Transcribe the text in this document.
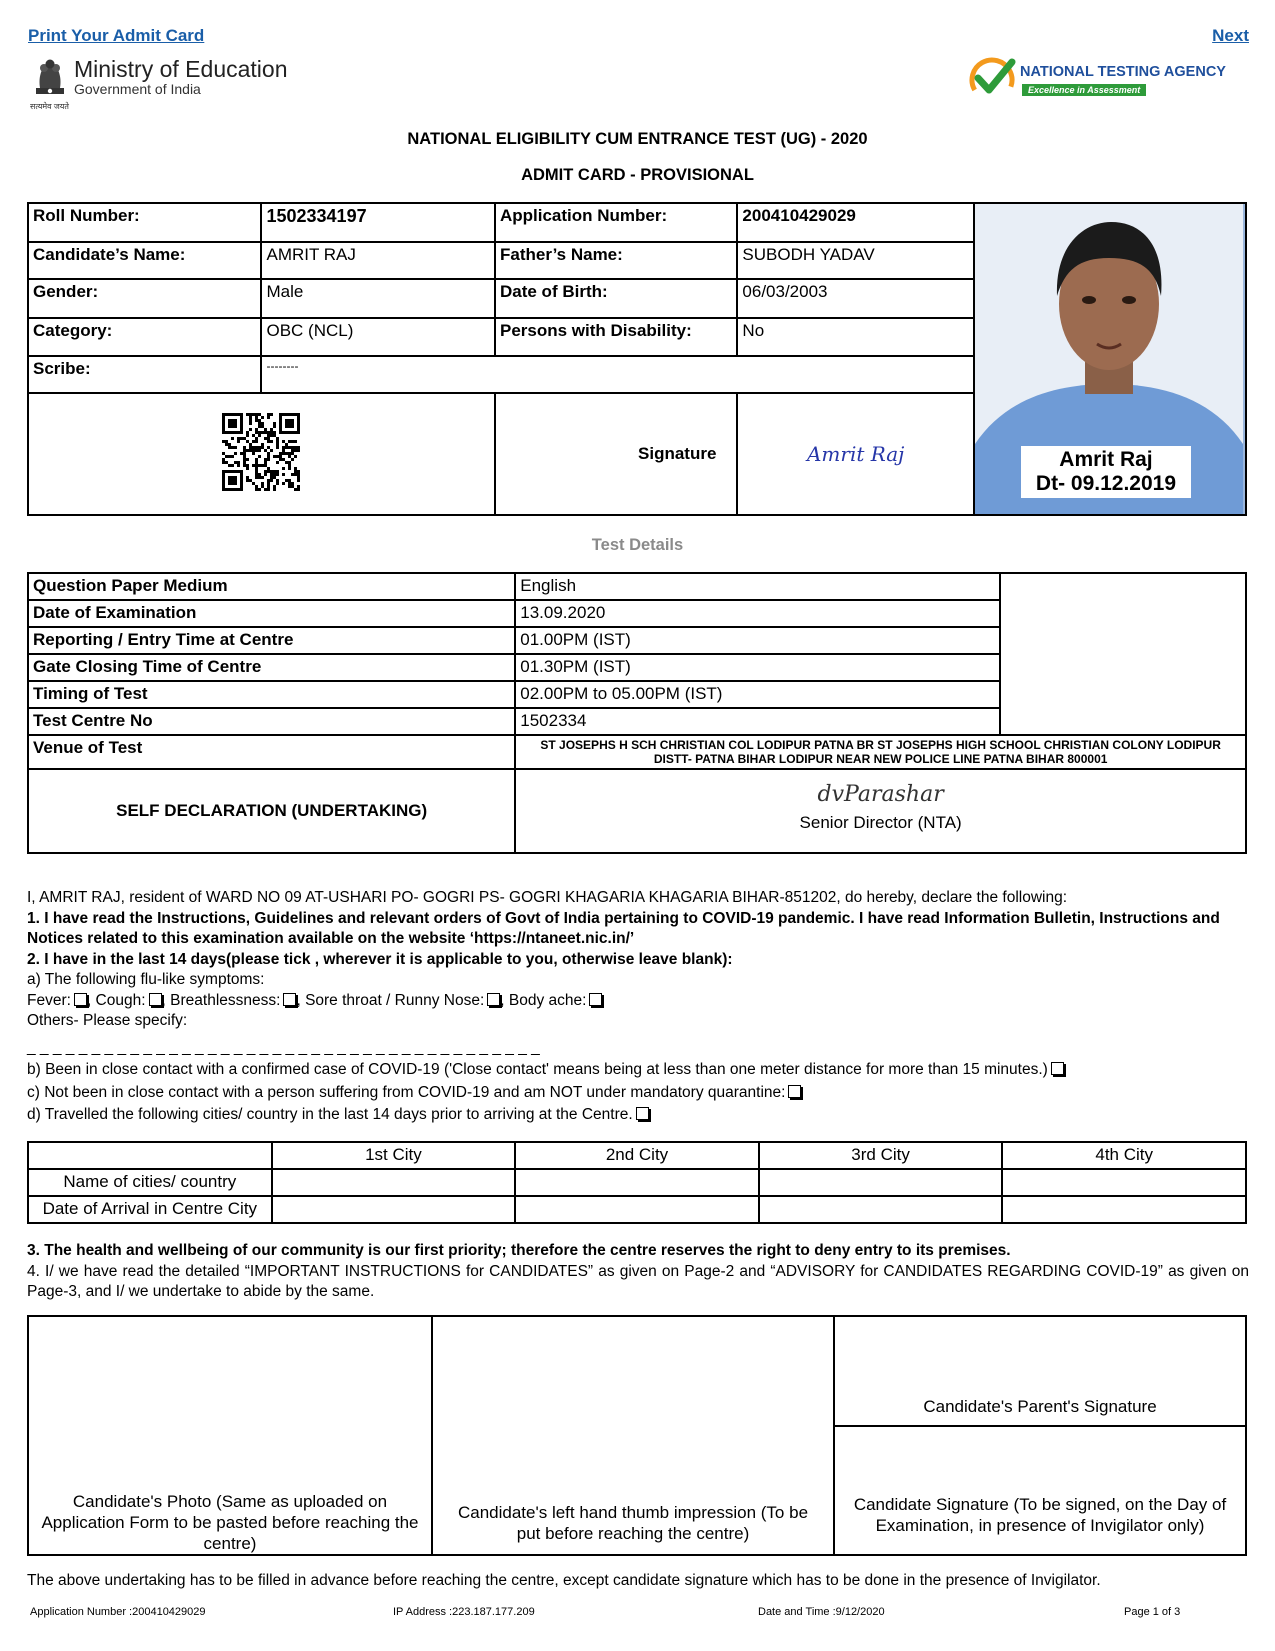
Print Your Admit Card	Next
सत्यमेव जयते
Ministry of Education
Government of India
NATIONAL TESTING AGENCY
Excellence in Assessment
NATIONAL ELIGIBILITY CUM ENTRANCE TEST (UG) - 2020
ADMIT CARD - PROVISIONAL
Roll Number:	1502334197	Application Number:	200410429029	Amrit Raj
Dt- 09.12.2019

Candidate’s Name:	AMRIT RAJ	Father’s Name:	SUBODH YADAV	
Gender:	Male	Date of Birth:	06/03/2003	
Category:	OBC (NCL)	Persons with Disability:	No	
Scribe:	--------			
	Signature	Amrit Raj	
Test Details
Question Paper Medium	English	
Date of Examination	13.09.2020	
Reporting / Entry Time at Centre	01.00PM (IST)	
Gate Closing Time of Centre	01.30PM (IST)	
Timing of Test	02.00PM to 05.00PM (IST)	
Test Centre No	1502334	
Venue of Test	ST JOSEPHS H SCH CHRISTIAN COL LODIPUR PATNA BR ST JOSEPHS HIGH SCHOOL CHRISTIAN COLONY LODIPUR DISTT- PATNA BIHAR LODIPUR NEAR NEW POLICE LINE PATNA BIHAR 800001	
SELF DECLARATION (UNDERTAKING)	dvParashar
Senior Director (NTA)	

I, AMRIT RAJ, resident of WARD NO 09 AT-USHARI PO- GOGRI PS- GOGRI KHAGARIA KHAGARIA BIHAR-851202, do hereby, declare the following:

1. I have read the Instructions, Guidelines and relevant orders of Govt of India pertaining to COVID-19 pandemic. I have read Information Bulletin, Instructions and Notices related to this examination available on the website ‘https://ntaneet.nic.in/’

2. I have in the last 14 days(please tick , wherever it is applicable to you, otherwise leave blank):

a) The following flu-like symptoms:

Fever: , Cough: , Breathlessness: , Sore throat / Runny Nose: , Body ache:

Others- Please specify:

_ _ _ _ _ _ _ _ _ _ _ _ _ _ _ _ _ _ _ _ _ _ _ _ _ _ _ _ _ _ _ _ _ _ _ _ _ _ _ _

b) Been in close contact with a confirmed case of COVID-19 ('Close contact' means being at less than one meter distance for more than 15 minutes.)

c) Not been in close contact with a person suffering from COVID-19 and am NOT under mandatory quarantine:

d) Travelled the following cities/ country in the last 14 days prior to arriving at the Centre.

	1st City	2nd City	3rd City	4th City
Name of cities/ country				
Date of Arrival in Centre City				

3. The health and wellbeing of our community is our first priority; therefore the centre reserves the right to deny entry to its premises.

4. I/ we have read the detailed “IMPORTANT INSTRUCTIONS for CANDIDATES” as given on Page-2 and “ADVISORY for CANDIDATES REGARDING COVID-19” as given on Page-3, and I/ we undertake to abide by the same.

Candidate's Photo (Same as uploaded on Application Form to be pasted before reaching the centre)
Candidate's left hand thumb impression (To be put before reaching the centre)
Candidate's Parent's Signature
Candidate Signature (To be signed, on the Day of Examination, in presence of Invigilator only)
The above undertaking has to be filled in advance before reaching the centre, except candidate signature which has to be done in the presence of Invigilator.
Application Number :200410429029	IP Address :223.187.177.209	Date and Time :9/12/2020	Page 1 of 3
